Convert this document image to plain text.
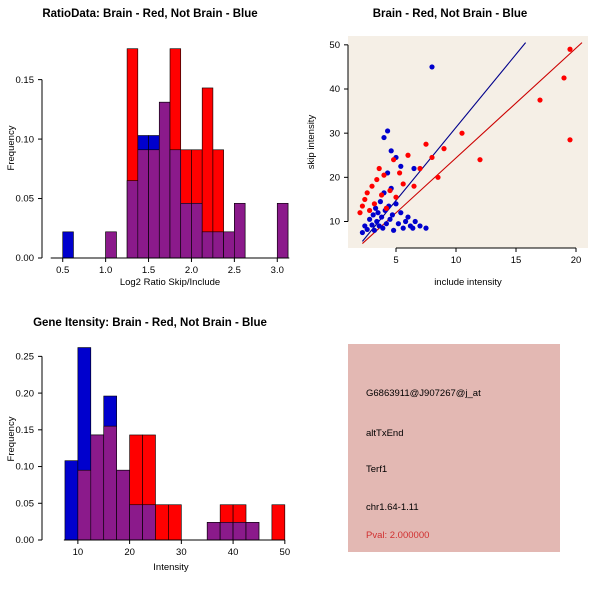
RatioData: Brain - Red, Not Brain - Blue
0.5	1.0	1.5	2.0	2.5	3.0
0.00
0.05
0.10
0.15
Log2 Ratio Skip/Include
Frequency
Brain - Red, Not Brain - Blue
5	10	15	20
10
20
30
40
50
include intensity
skip intensity
Gene Itensity: Brain - Red, Not Brain - Blue
10	20	30	40	50
0.00
0.05
0.10
0.15
0.20
0.25
Intensity
Frequency
G6863911@J907267@j_at
altTxEnd
Terf1
chr1.64-1.11
Pval: 2.000000
